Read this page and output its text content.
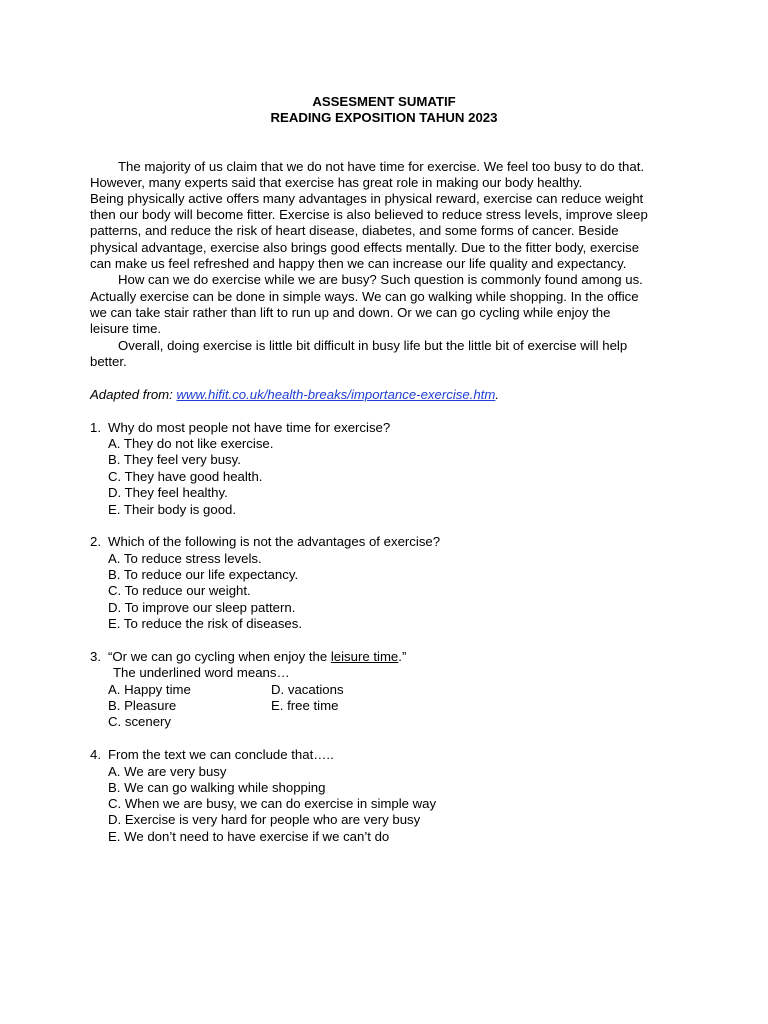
ASSESMENT SUMATIF
READING EXPOSITION TAHUN 2023
The majority of us claim that we do not have time for exercise. We feel too busy to do that.
However, many experts said that exercise has great role in making our body healthy.
Being physically active offers many advantages in physical reward, exercise can reduce weight
then our body will become fitter. Exercise is also believed to reduce stress levels, improve sleep
patterns, and reduce the risk of heart disease, diabetes, and some forms of cancer. Beside
physical advantage, exercise also brings good effects mentally. Due to the fitter body, exercise
can make us feel refreshed and happy then we can increase our life quality and expectancy.
How can we do exercise while we are busy? Such question is commonly found among us.
Actually exercise can be done in simple ways. We can go walking while shopping. In the office
we can take stair rather than lift to run up and down. Or we can go cycling while enjoy the
leisure time.
Overall, doing exercise is little bit difficult in busy life but the little bit of exercise will help
better.
Adapted from: www.hifit.co.uk/health-breaks/importance-exercise.htm.
1. Why do most people not have time for exercise?
A. They do not like exercise.
B. They feel very busy.
C. They have good health.
D. They feel healthy.
E. Their body is good.
2. Which of the following is not the advantages of exercise?
A. To reduce stress levels.
B. To reduce our life expectancy.
C. To reduce our weight.
D. To improve our sleep pattern.
E. To reduce the risk of diseases.
3. “Or we can go cycling when enjoy the leisure time.”
The underlined word means…
A. Happy time	D. vacations
B. Pleasure	E. free time
C. scenery
4. From the text we can conclude that…..
A. We are very busy
B. We can go walking while shopping
C. When we are busy, we can do exercise in simple way
D. Exercise is very hard for people who are very busy
E. We don’t need to have exercise if we can’t do
